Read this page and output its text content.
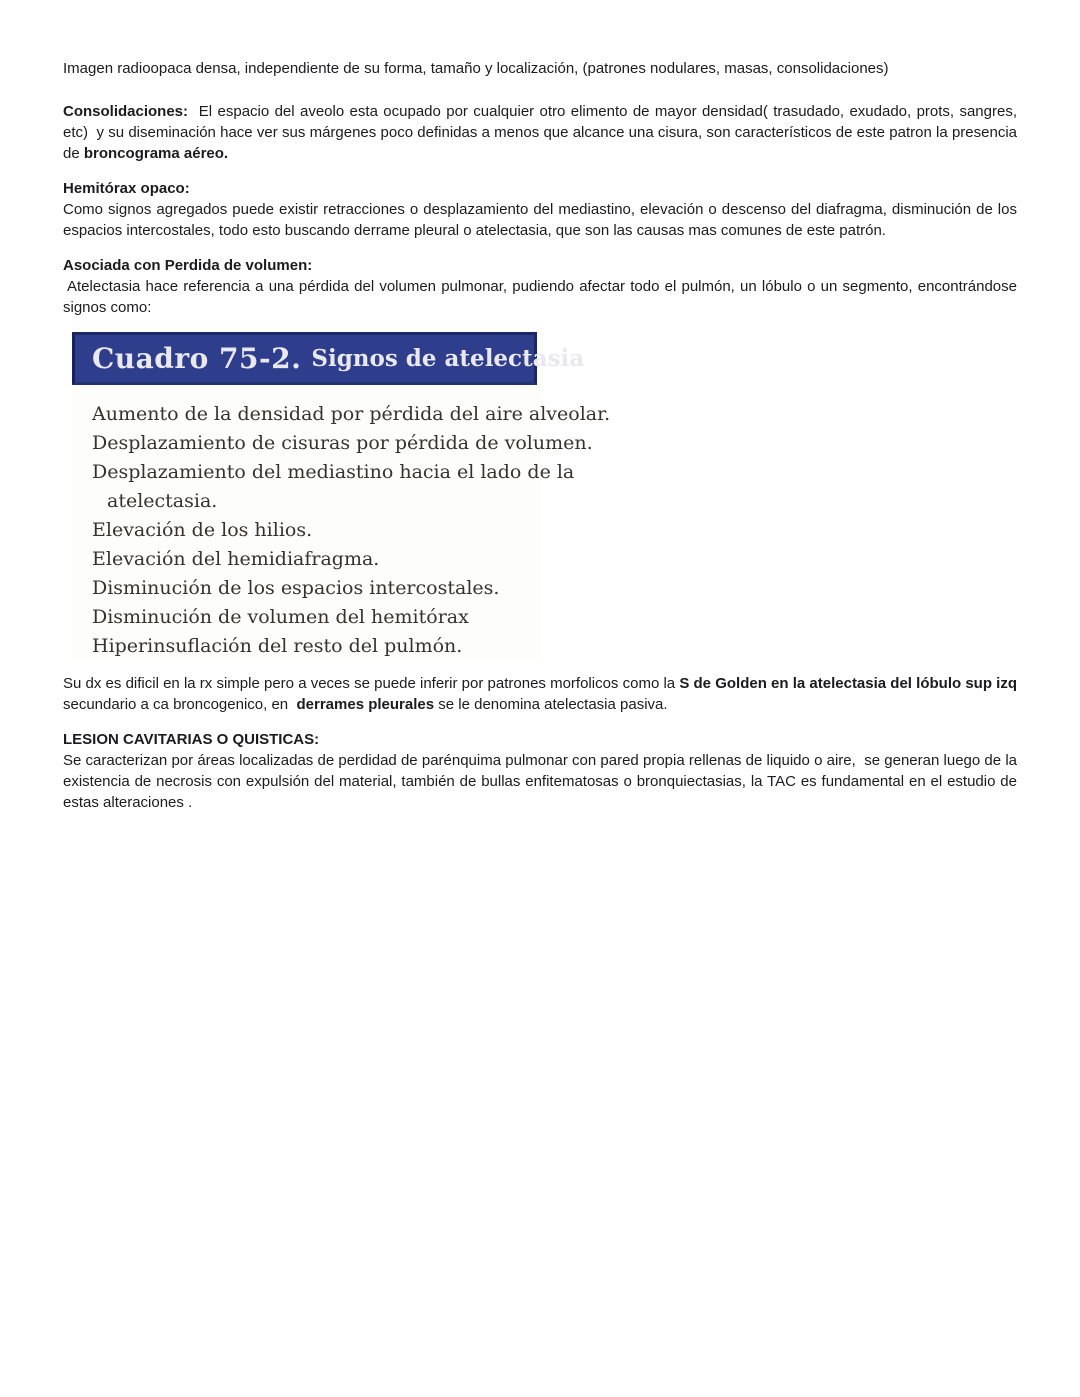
Imagen radioopaca densa, independiente de su forma, tamaño y localización, (patrones nodulares, masas, consolidaciones)

Consolidaciones:  El espacio del aveolo esta ocupado por cualquier otro elimento de mayor densidad( trasudado, exudado, prots, sangres, etc)  y su diseminación hace ver sus márgenes poco definidas a menos que alcance una cisura, son característicos de este patron la presencia de broncograma aéreo.

Hemitórax opaco:

Como signos agregados puede existir retracciones o desplazamiento del mediastino, elevación o descenso del diafragma, disminución de los espacios intercostales, todo esto buscando derrame pleural o atelectasia, que son las causas mas comunes de este patrón.

Asociada con Perdida de volumen:

Atelectasia hace referencia a una pérdida del volumen pulmonar, pudiendo afectar todo el pulmón, un lóbulo o un segmento, encontrándose signos como:

Cuadro 75-2. Signos de atelectasia
Aumento de la densidad por pérdida del aire alveolar.
Desplazamiento de cisuras por pérdida de volumen.
Desplazamiento del mediastino hacia el lado de la
atelectasia.
Elevación de los hilios.
Elevación del hemidiafragma.
Disminución de los espacios intercostales.
Disminución de volumen del hemitórax
Hiperinsuflación del resto del pulmón.

Su dx es dificil en la rx simple pero a veces se puede inferir por patrones morfolicos como la S de Golden en la atelectasia del lóbulo sup izq secundario a ca broncogenico, en  derrames pleurales se le denomina atelectasia pasiva.

LESION CAVITARIAS O QUISTICAS:

Se caracterizan por áreas localizadas de perdidad de parénquima pulmonar con pared propia rellenas de liquido o aire,  se generan luego de la existencia de necrosis con expulsión del material, también de bullas enfitematosas o bronquiectasias, la TAC es fundamental en el estudio de estas alteraciones .
